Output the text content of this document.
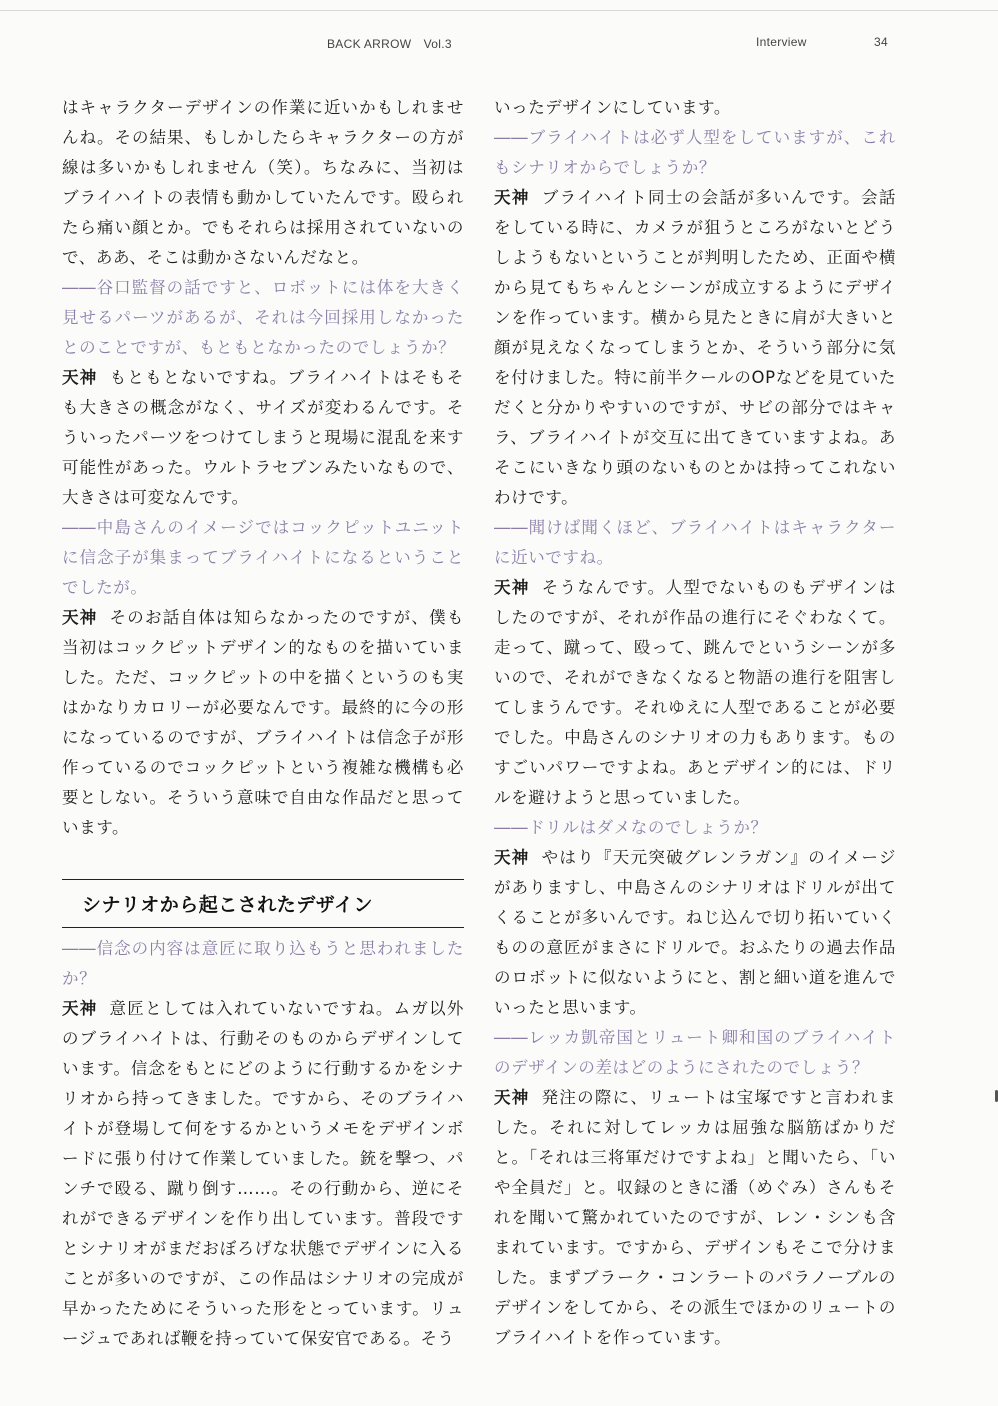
BACK ARROW　Vol.3	Interview	34

はキャラクターデザインの作業に近いかもしれませんね。その結果、もしかしたらキャラクターの方が線は多いかもしれません（笑）。ちなみに、当初はブライハイトの表情も動かしていたんです。殴られたら痛い顔とか。でもそれらは採用されていないので、ああ、そこは動かさないんだなと。

――谷口監督の話ですと、ロボットには体を大きく見せるパーツがあるが、それは今回採用しなかったとのことですが、もともとなかったのでしょうか？

天神 もともとないですね。ブライハイトはそもそも大きさの概念がなく、サイズが変わるんです。そういったパーツをつけてしまうと現場に混乱を来す可能性があった。ウルトラセブンみたいなもので、大きさは可変なんです。

――中島さんのイメージではコックピットユニットに信念子が集まってブライハイトになるということでしたが。

天神 そのお話自体は知らなかったのですが、僕も当初はコックピットデザイン的なものを描いていました。ただ、コックピットの中を描くというのも実はかなりカロリーが必要なんです。最終的に今の形になっているのですが、ブライハイトは信念子が形作っているのでコックピットという複雑な機構も必要としない。そういう意味で自由な作品だと思っています。

シナリオから起こされたデザイン

――信念の内容は意匠に取り込もうと思われましたか？

天神 意匠としては入れていないですね。ムガ以外のブライハイトは、行動そのものからデザインしています。信念をもとにどのように行動するかをシナリオから持ってきました。ですから、そのブライハイトが登場して何をするかというメモをデザインボードに張り付けて作業していました。銃を撃つ、パンチで殴る、蹴り倒す……。その行動から、逆にそれができるデザインを作り出しています。普段ですとシナリオがまだおぼろげな状態でデザインに入ることが多いのですが、この作品はシナリオの完成が早かったためにそういった形をとっています。リュージュであれば鞭を持っていて保安官である。そう

いったデザインにしています。

――ブライハイトは必ず人型をしていますが、これもシナリオからでしょうか？

天神 ブライハイト同士の会話が多いんです。会話をしている時に、カメラが狙うところがないとどうしようもないということが判明したため、正面や横から見てもちゃんとシーンが成立するようにデザインを作っています。横から見たときに肩が大きいと顔が見えなくなってしまうとか、そういう部分に気を付けました。特に前半クールのOPなどを見ていただくと分かりやすいのですが、サビの部分ではキャラ、ブライハイトが交互に出てきていますよね。あそこにいきなり頭のないものとかは持ってこれないわけです。

――聞けば聞くほど、ブライハイトはキャラクターに近いですね。

天神 そうなんです。人型でないものもデザインはしたのですが、それが作品の進行にそぐわなくて。走って、蹴って、殴って、跳んでというシーンが多いので、それができなくなると物語の進行を阻害してしまうんです。それゆえに人型であることが必要でした。中島さんのシナリオの力もあります。ものすごいパワーですよね。あとデザイン的には、ドリルを避けようと思っていました。

――ドリルはダメなのでしょうか？

天神 やはり『天元突破グレンラガン』のイメージがありますし、中島さんのシナリオはドリルが出てくることが多いんです。ねじ込んで切り拓いていくものの意匠がまさにドリルで。おふたりの過去作品のロボットに似ないようにと、割と細い道を進んでいったと思います。

――レッカ凱帝国とリュート卿和国のブライハイトのデザインの差はどのようにされたのでしょう？

天神 発注の際に、リュートは宝塚ですと言われました。それに対してレッカは屈強な脳筋ばかりだと。「それは三将軍だけですよね」と聞いたら、「いや全員だ」と。収録のときに潘（めぐみ）さんもそれを聞いて驚かれていたのですが、レン・シンも含まれています。ですから、デザインもそこで分けました。まずブラーク・コンラートのパラノーブルのデザインをしてから、その派生でほかのリュートのブライハイトを作っています。
